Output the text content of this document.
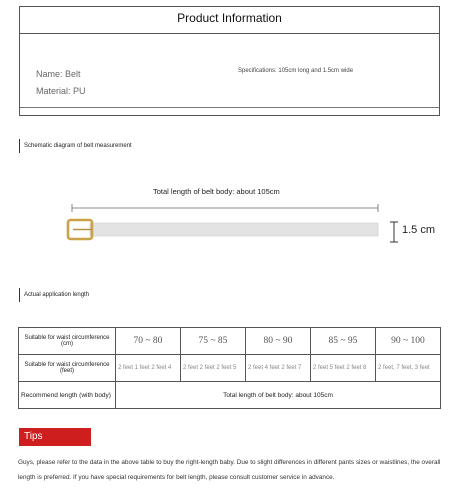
Product Information
Name: Belt
Material: PU
Specifications: 105cm long and 1.5cm wide
Schematic diagram of belt measurement
Total length of belt body: about 105cm
1.5 cm
Actual application length
Suitable for waist circumference (cm)	70 ~ 80	75 ~ 85	80 ~ 90	85 ~ 95	90 ~ 100
Suitable for waist circumference (feet)	2 feet 1 feet 2 feet 4	2 feet 2 feet 2 feet 5	2 feet 4 feet 2 feet 7	2 feet 5 feet 2 feet 8	2 feet, 7 feet, 3 feet
Recommend length (with body)	Total length of belt body: about 105cm				
Tips
Guys, please refer to the data in the above table to buy the right-length baby. Due to slight differences in different pants sizes or waistlines, the overall length is preferred. If you have special requirements for belt length, please consult customer service in advance.
